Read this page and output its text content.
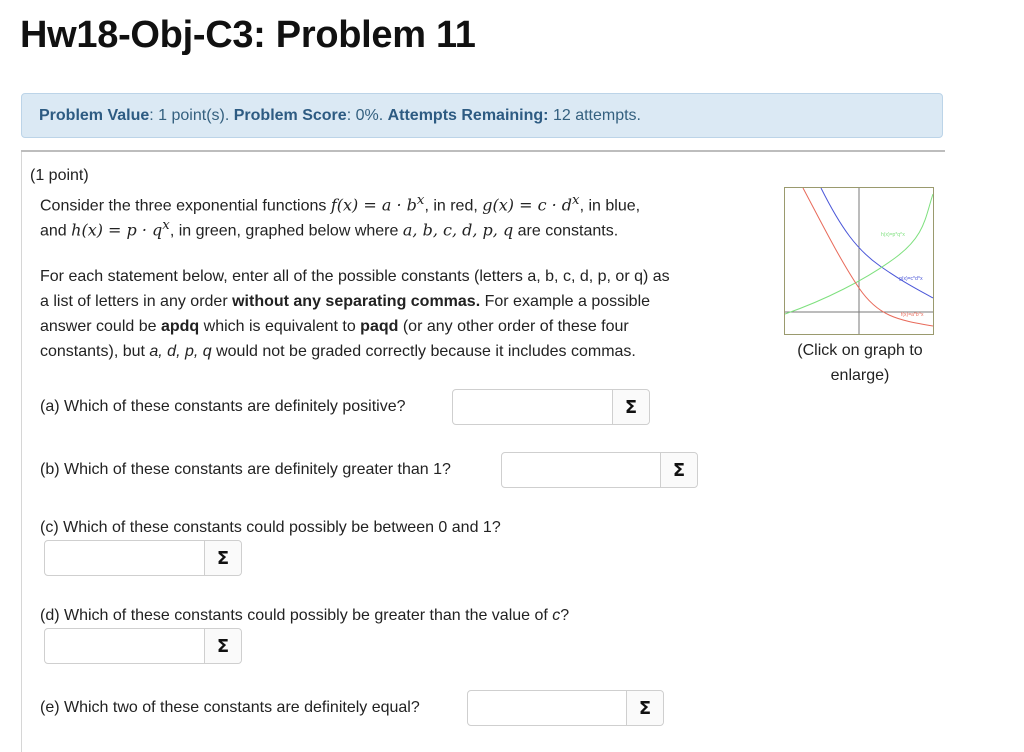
Hw18-Obj-C3: Problem 11
Problem Value: 1 point(s). Problem Score: 0%. Attempts Remaining: 12 attempts.
(1 point)
Consider the three exponential functions $f(x) = a \cdot b^x$, in red, $g(x) = c \cdot d^x$, in blue,
and $h(x) = p \cdot q^x$, in green, graphed below where a, b, c, d, p, q are constants.
For each statement below, enter all of the possible constants (letters a, b, c, d, p, or q) as
a list of letters in any order without any separating commas. For example a possible
answer could be apdq which is equivalent to paqd (or any other order of these four
constants), but a, d, p, q would not be graded correctly because it includes commas.
h(x)=p*q^x
g(x)=c*d^x
f(x)=a*b^x
(Click on graph to
enlarge)
(a) Which of these constants are definitely positive?	Σ
(b) Which of these constants are definitely greater than 1?	Σ
(c) Which of these constants could possibly be between 0 and 1?
Σ
(d) Which of these constants could possibly be greater than the value of c?
Σ
(e) Which two of these constants are definitely equal?	Σ
